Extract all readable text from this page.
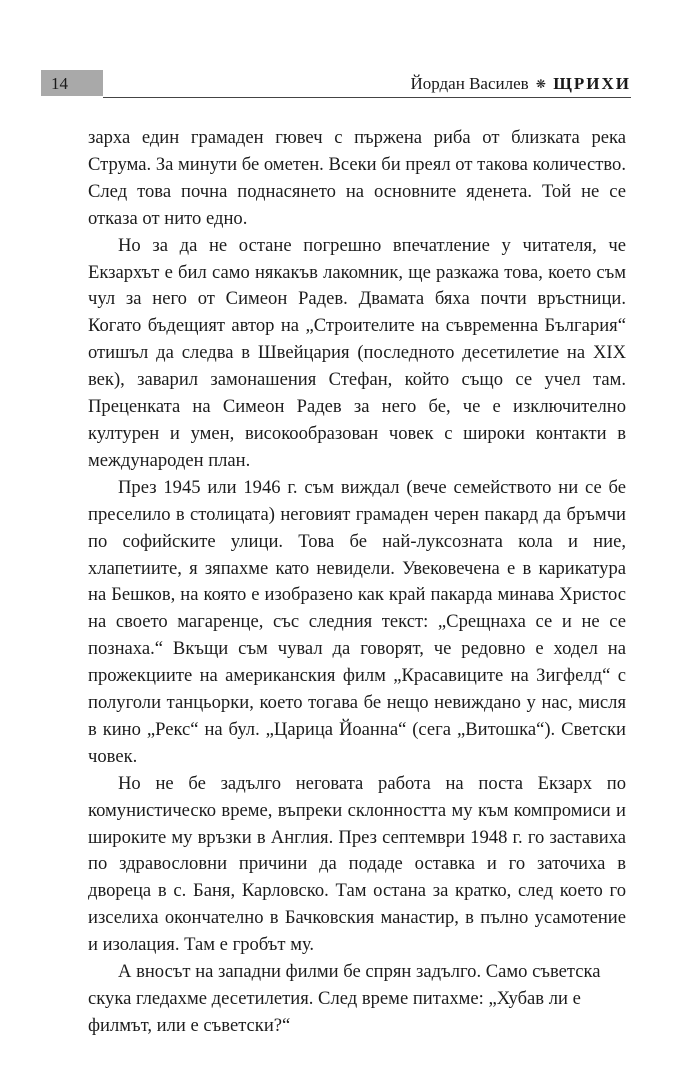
14	Йордан Василев ❋ ЩРИХИ

зарха един грамаден гювеч с пържена риба от близката река Струма. За минути бе ометен. Всеки би преял от такова количество. След това почна поднасянето на основните яденета. Той не се отказа от нито едно.

Но за да не остане погрешно впечатление у читателя, че Екзархът е бил само някакъв лакомник, ще разкажа това, което съм чул за него от Симеон Радев. Двамата бяха почти връстници. Когато бъдещият автор на „Строителите на съвременна България“ отишъл да следва в Швейцария (последното десетилетие на XIX век), заварил замонашения Стефан, който също се учел там. Преценката на Симеон Радев за него бе, че е изключително културен и умен, високообразован човек с широки контакти в международен план.

През 1945 или 1946 г. съм виждал (вече семейството ни се бе преселило в столицата) неговият грамаден черен пакард да бръмчи по софийските улици. Това бе най-луксозната кола и ние, хлапетиите, я зяпахме като невидели. Увековечена е в карикатура на Бешков, на която е изобразено как край пакарда минава Христос на своето магаренце, със следния текст: „Срещнаха се и не се познаха.“ Вкъщи съм чувал да говорят, че редовно е ходел на прожекциите на американския филм „Красавиците на Зигфелд“ с полуголи танцьорки, което тогава бе нещо невиждано у нас, мисля в кино „Рекс“ на бул. „Царица Йоанна“ (сега „Витошка“). Светски човек.

Но не бе задълго неговата работа на поста Екзарх по комунистическо време, въпреки склонността му към компромиси и широките му връзки в Англия. През септември 1948 г. го заставиха по здравословни причини да подаде оставка и го заточиха в двореца в с. Баня, Карловско. Там остана за кратко, след което го изселиха окончателно в Бачковския манастир, в пълно усамотение и изолация. Там е гробът му.

А вносът на западни филми бе спрян задълго. Само съветска скука гледахме десетилетия. След време питахме: „Хубав ли е филмът, или е съветски?“
